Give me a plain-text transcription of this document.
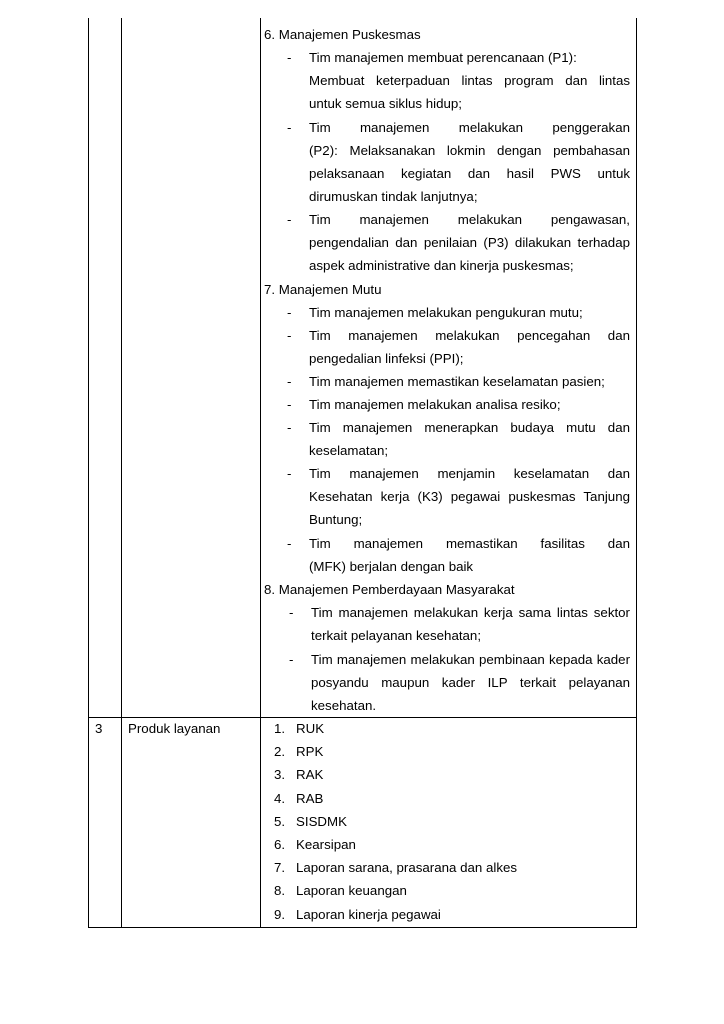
6. Manajemen Puskesmas
- Tim manajemen membuat perencanaan (P1):
Membuat keterpaduan lintas program dan lintas
untuk semua siklus hidup;
- Tim manajemen melakukan penggerakan
(P2): Melaksanakan lokmin dengan pembahasan
pelaksanaan kegiatan dan hasil PWS untuk
dirumuskan tindak lanjutnya;
- Tim manajemen melakukan pengawasan,
pengendalian dan penilaian (P3) dilakukan terhadap
aspek administrative dan kinerja puskesmas;
7. Manajemen Mutu
- Tim manajemen melakukan pengukuran mutu;
- Tim manajemen melakukan pencegahan dan
pengedalian linfeksi (PPI);
- Tim manajemen memastikan keselamatan pasien;
- Tim manajemen melakukan analisa resiko;
- Tim manajemen menerapkan budaya mutu dan
keselamatan;
- Tim manajemen menjamin keselamatan dan
Kesehatan kerja (K3) pegawai puskesmas Tanjung
Buntung;
- Tim manajemen memastikan fasilitas dan
(MFK) berjalan dengan baik
8. Manajemen Pemberdayaan Masyarakat
- Tim manajemen melakukan kerja sama lintas sektor
terkait pelayanan kesehatan;
- Tim manajemen melakukan pembinaan kepada kader
posyandu maupun kader ILP terkait pelayanan
kesehatan.
3 Produk layanan	1. RUK
2. RPK
3. RAK
4. RAB
5. SISDMK
6. Kearsipan
7. Laporan sarana, prasarana dan alkes
8. Laporan keuangan
9. Laporan kinerja pegawai
